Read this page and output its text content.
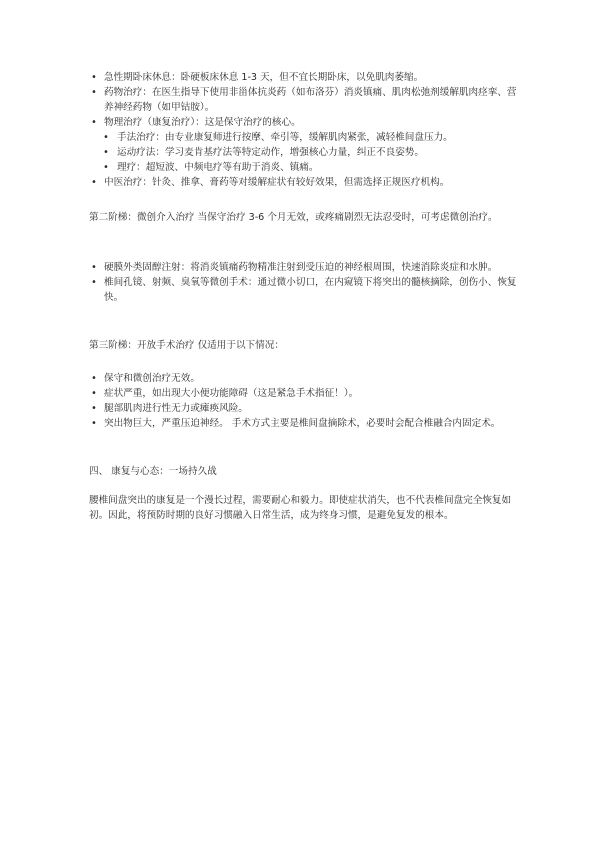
• 急性期卧床休息：卧硬板床休息 1-3 天，但不宜长期卧床，以免肌肉萎缩。
• 药物治疗：在医生指导下使用非甾体抗炎药（如布洛芬）消炎镇痛、肌肉松弛剂缓解肌肉痉挛、营养神经药物（如甲钴胺）。
• 物理治疗（康复治疗）：这是保守治疗的核心。
• 手法治疗：由专业康复师进行按摩、牵引等，缓解肌肉紧张，减轻椎间盘压力。
• 运动疗法：学习麦肯基疗法等特定动作，增强核心力量，纠正不良姿势。
• 理疗：超短波、中频电疗等有助于消炎、镇痛。
• 中医治疗：针灸、推拿、膏药等对缓解症状有较好效果，但需选择正规医疗机构。
第二阶梯：微创介入治疗 当保守治疗 3-6 个月无效，或疼痛剧烈无法忍受时，可考虑微创治疗。
• 硬膜外类固醇注射：将消炎镇痛药物精准注射到受压迫的神经根周围，快速消除炎症和水肿。
• 椎间孔镜、射频、臭氧等微创手术：通过微小切口，在内窥镜下将突出的髓核摘除，创伤小、恢复快。
第三阶梯：开放手术治疗 仅适用于以下情况：
• 保守和微创治疗无效。
• 症状严重，如出现大小便功能障碍（这是紧急手术指征！）。
• 腿部肌肉进行性无力或瘫痪风险。
• 突出物巨大，严重压迫神经。 手术方式主要是椎间盘摘除术，必要时会配合椎融合内固定术。
四、 康复与心态：一场持久战
腰椎间盘突出的康复是一个漫长过程，需要耐心和毅力。即使症状消失，也不代表椎间盘完全恢复如初。因此，将预防时期的良好习惯融入日常生活，成为终身习惯，是避免复发的根本。
